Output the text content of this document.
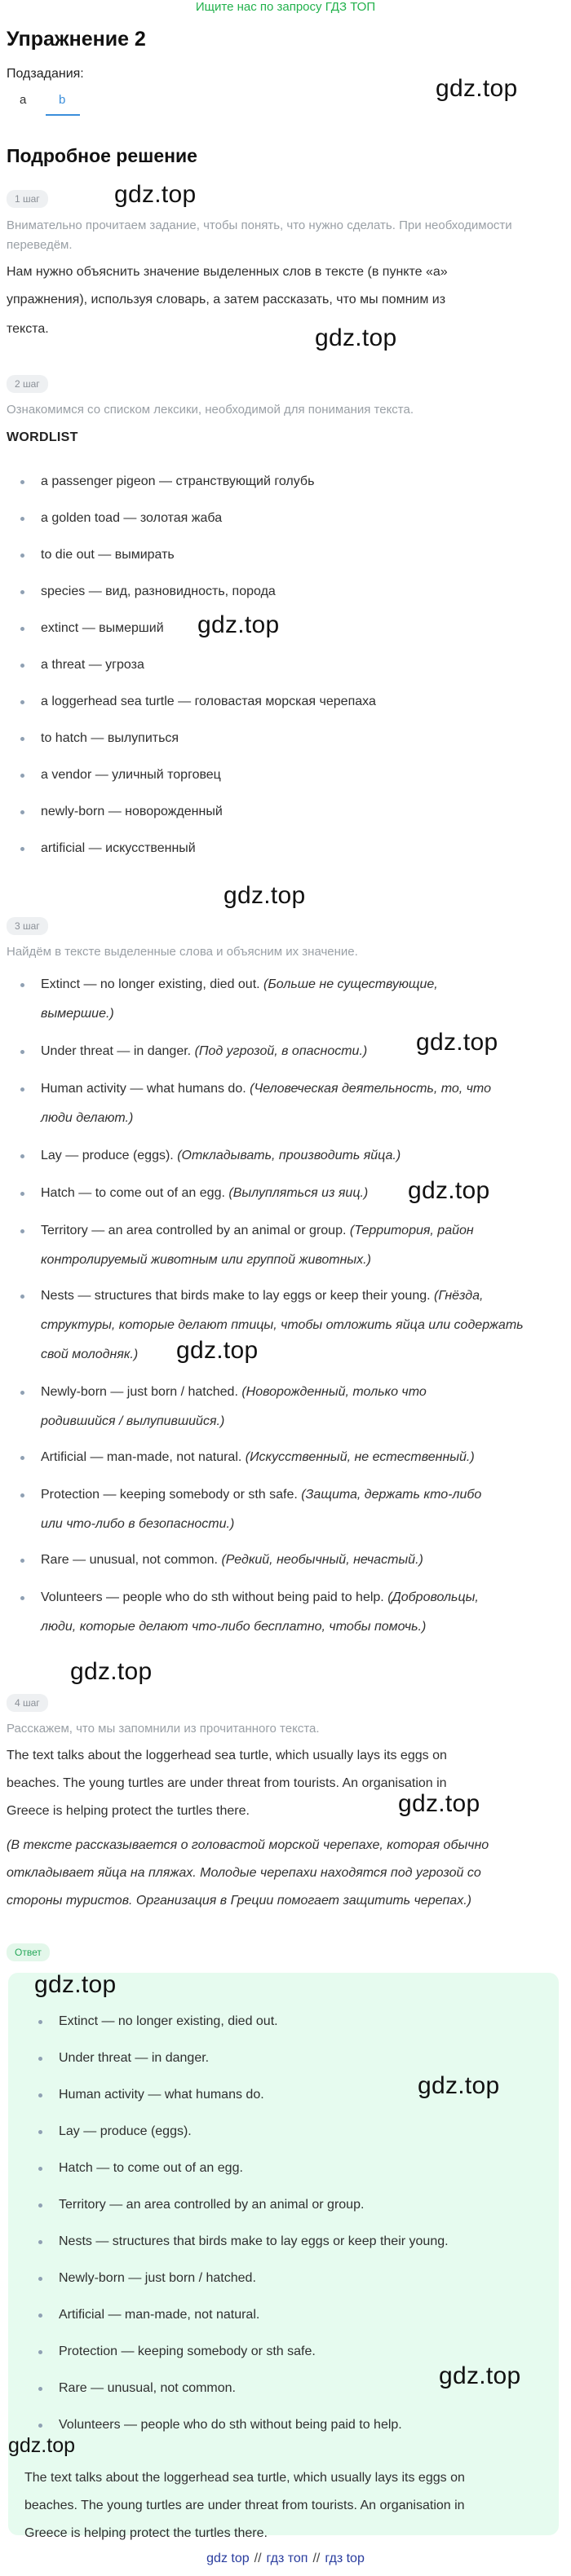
Ищите нас по запросу ГДЗ ТОП
Упражнение 2
Подзадания:
a	b	gdz.top
Подробное решение
1 шаг	gdz.top
Внимательно прочитаем задание, чтобы понять, что нужно сделать. При необходимости
переведём.
Нам нужно объяснить значение выделенных слов в тексте (в пункте «a»
упражнения), используя словарь, а затем рассказать, что мы помним из
текста.	gdz.top
2 шаг
Ознакомимся со списком лексики, необходимой для понимания текста.
WORDLIST
a passenger pigeon — странствующий голубь
a golden toad — золотая жаба
to die out — вымирать
species — вид, разновидность, порода
extinct — вымерший gdz.top
a threat — угроза
a loggerhead sea turtle — головастая морская черепаха
to hatch — вылупиться
a vendor — уличный торговец
newly-born — новорожденный
artificial — искусственный
gdz.top
3 шаг
Найдём в тексте выделенные слова и объясним их значение.
Extinct — no longer existing, died out. (Больше не существующие,
вымершие.)
Under threat — in danger. (Под угрозой, в опасности.)	gdz.top
Human activity — what humans do. (Человеческая деятельность, то, что
люди делают.)
Lay — produce (eggs). (Откладывать, производить яйца.)
Hatch — to come out of an egg. (Вылупляться из яиц.)	gdz.top
Territory — an area controlled by an animal or group. (Территория, район
контролируемый животным или группой животных.)
Nests — structures that birds make to lay eggs or keep their young. (Гнёзда,
структуры, которые делают птицы, чтобы отложить яйца или содержать
свой молодняк.)	gdz.top
Newly-born — just born / hatched. (Новорожденный, только что
родившийся / вылупившийся.)
Artificial — man-made, not natural. (Искусственный, не естественный.)
Protection — keeping somebody or sth safe. (Защита, держать кто-либо
или что-либо в безопасности.)
Rare — unusual, not common. (Редкий, необычный, нечастый.)
Volunteers — people who do sth without being paid to help. (Добровольцы,
люди, которые делают что-либо бесплатно, чтобы помочь.)
gdz.top
4 шаг
Расскажем, что мы запомнили из прочитанного текста.
The text talks about the loggerhead sea turtle, which usually lays its eggs on
beaches. The young turtles are under threat from tourists. An organisation in
Greece is helping protect the turtles there.	gdz.top
(В тексте рассказывается о головастой морской черепахе, которая обычно
откладывает яйца на пляжах. Молодые черепахи находятся под угрозой со
стороны туристов. Организация в Греции помогает защитить черепах.)
Ответ
gdz.top
Extinct — no longer existing, died out.
Under threat — in danger.
Human activity — what humans do.	gdz.top
Lay — produce (eggs).
Hatch — to come out of an egg.
Territory — an area controlled by an animal or group.
Nests — structures that birds make to lay eggs or keep their young.
Newly-born — just born / hatched.
Artificial — man-made, not natural.
Protection — keeping somebody or sth safe.
Rare — unusual, not common.	gdz.top
Volunteers — people who do sth without being paid to help.
gdz.top
The text talks about the loggerhead sea turtle, which usually lays its eggs on
beaches. The young turtles are under threat from tourists. An organisation in
Greece is helping protect the turtles there.
gdz top // гдз топ // гдз top
